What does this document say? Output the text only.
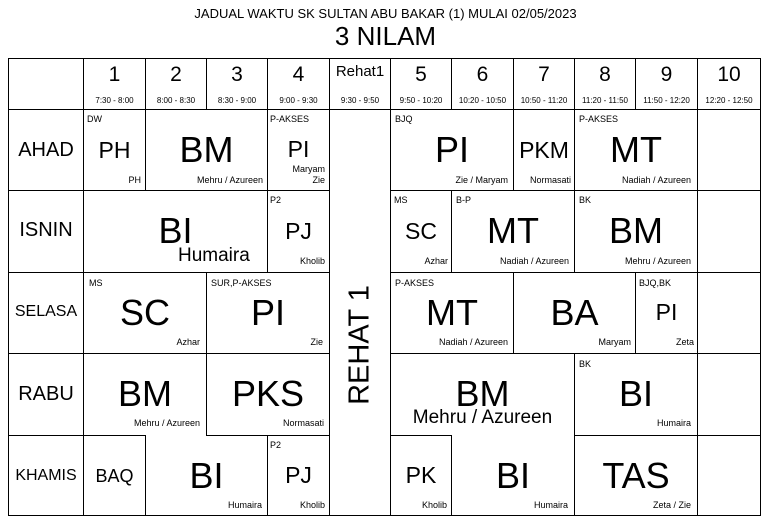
JADUAL WAKTU SK SULTAN ABU BAKAR (1) MULAI 02/05/2023
3 NILAM
1
7:30 - 8:00
2
8:00 - 8:30
3
8:30 - 9:00
4
9:00 - 9:30
Rehat1
9:30 - 9:50
5
9:50 - 10:20
6
10:20 - 10:50
7
10:50 - 11:20
8
11:20 - 11:50
9
11:50 - 12:20
10
12:20 - 12:50
AHAD
ISNIN
SELASA
RABU
KHAMIS
REHAT 1
DW
PH
PH
BM
Mehru / Azureen
P-AKSES
PI
Maryam Zie
BJQ
PI
Zie / Maryam
PKM
Normasati
P-AKSES
MT
Nadiah / Azureen
BI
Humaira
P2
PJ
Kholib
MS
SC
Azhar
B-P
MT
Nadiah / Azureen
BK
BM
Mehru / Azureen
MS
SC
Azhar
SUR,P-AKSES
PI
Zie
P-AKSES
MT
Nadiah / Azureen
BA
Maryam
BJQ,BK
PI
Zeta
BM
Mehru / Azureen
PKS
Normasati
BM
Mehru / Azureen
BK
BI
Humaira
BAQ	BI
Humaira
P2
PJ
Kholib
PK
Kholib
BI
Humaira
TAS
Zeta / Zie
